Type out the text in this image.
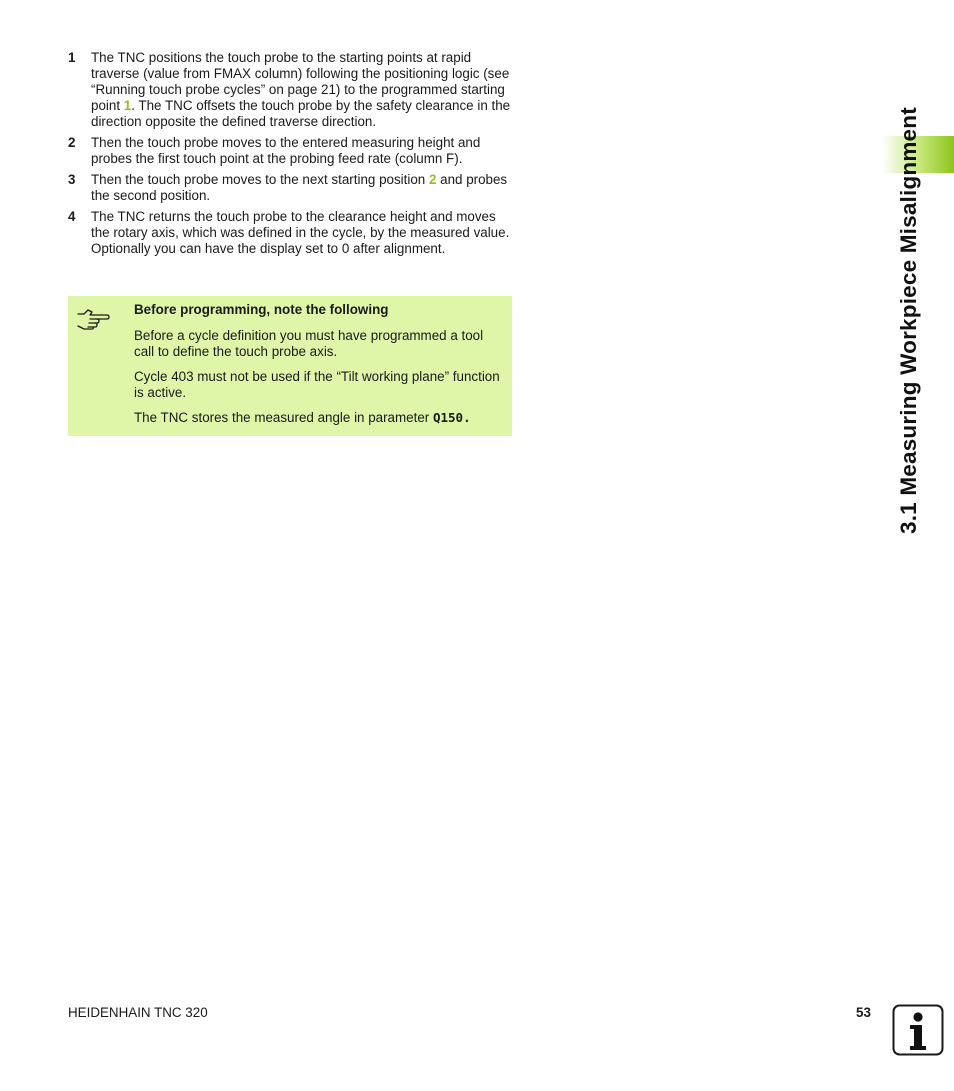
1 The TNC positions the touch probe to the starting points at rapid traverse (value from FMAX column) following the positioning logic (see “Running touch probe cycles” on page 21) to the programmed starting point 1. The TNC offsets the touch probe by the safety clearance in the direction opposite the defined traverse direction.
2 Then the touch probe moves to the entered measuring height and probes the first touch point at the probing feed rate (column F).
3 Then the touch probe moves to the next starting position 2 and probes the second position.
4 The TNC returns the touch probe to the clearance height and moves the rotary axis, which was defined in the cycle, by the measured value. Optionally you can have the display set to 0 after alignment.
Before programming, note the following
Before a cycle definition you must have programmed a tool call to define the touch probe axis.
Cycle 403 must not be used if the “Tilt working plane” function is active.
The TNC stores the measured angle in parameter Q150.	3.1 Measuring Workpiece Misalignment
HEIDENHAIN TNC 320	53
